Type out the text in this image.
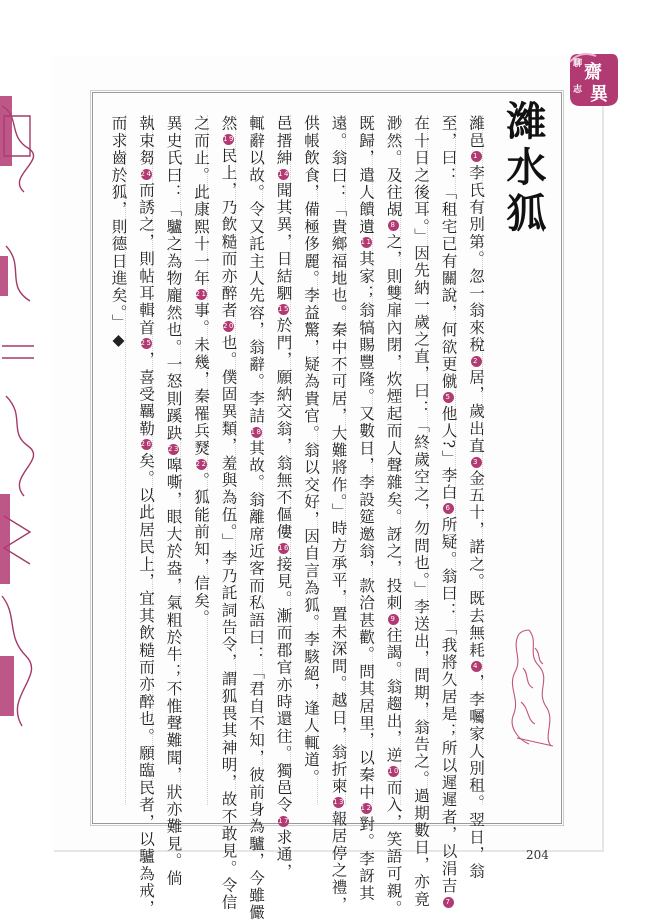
聊 齋
志 異
濰水狐
濰邑1李氏有別第。忽一翁來稅2居，歲出直3金五十，諾之。既去無耗4，李囑家人別租。翌日，翁
至，曰：「租宅已有關說，何欲更僦5他人?」李白6所疑。翁曰：「我將久居是；所以遲遲者，以涓吉7
在十日之後耳。」因先納一歲之直，曰：「終歲空之，勿問也。」李送出，問期，翁告之。過期數日，亦竟
渺然。及往覘8之，則雙扉內閉，炊煙起而人聲雜矣。訝之，投刺9往謁。翁趨出，逆10而入，笑語可親。
既歸，遣人饋遺11其家；翁犒賜豐隆。又數日，李設筵邀翁，款洽甚歡。問其居里，以秦中12對。李訝其
遠。翁曰：「貴鄉福地也。秦中不可居，大難將作。」時方承平，置未深問。越日，翁折柬13報居停之禮，
供帳飲食，備極侈麗。李益驚，疑為貴官。翁以交好，因自言為狐。李駭絕，逢人輒道。
邑搢紳14聞其異，日結駟15於門，願納交翁，翁無不傴僂16接見。漸而郡官亦時還往。獨邑令17求通，
輒辭以故。令又託主人先容，翁辭。李詰18其故。翁離席近客而私語曰：「君自不知，彼前身為驢，今雖儼
然19民上，乃飲糙而亦醉者20也。僕固異類，羞與為伍。」李乃託詞告令，謂狐畏其神明，故不敢見。令信
之而止。此康熙十一年21事。未幾，秦罹兵燹22。狐能前知，信矣。
異史氏曰：「驢之為物龐然也。一怒則蹊趹23嗥嘶，眼大於盎，氣粗於牛；不惟聲難聞，狀亦難見。倘
執束芻24而誘之，則帖耳輯首25，喜受羈勒26矣。以此居民上，宜其飲糙而亦醉也。願臨民者，以驢為戒，
而求齒於狐，則德日進矣。」◆
204
